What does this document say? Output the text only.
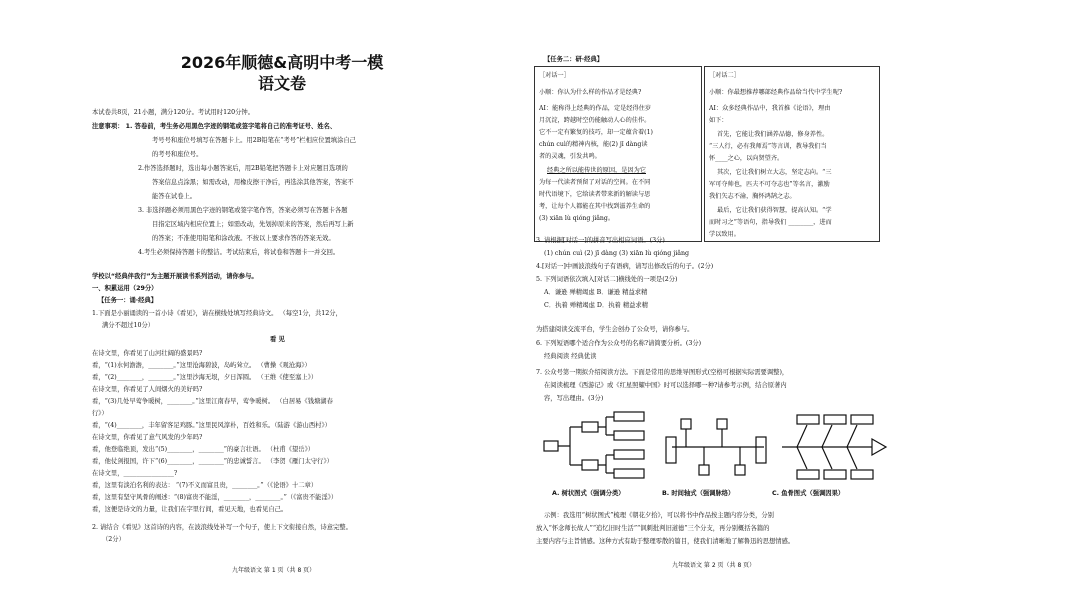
2026年顺德&高明中考一模
语文卷
本试卷共8页，21小题，满分120分。考试用时120分钟。
注意事项： 1. 答卷前，考生务必用黑色字迹的钢笔或签字笔将自己的准考证号、姓名、
考号号和座位号填写在答题卡上。用2B铅笔在“考号”栏相应位置填涂自己
的考号和座位号。
2.作答选择题时，选出每小题答案后，用2B铅笔把答题卡上对应题目选项的
答案信息点涂黑；如需改动，用橡皮擦干净后，再选涂其他答案，答案不
能答在试卷上。
3. 非选择题必须用黑色字迹的钢笔或签字笔作答，答案必须写在答题卡各题
目指定区域内相应位置上；如需改动，先划掉原来的答案，然后再写上新
的答案；不准使用铅笔和涂改液。不按以上要求作答的答案无效。
4.考生必须保持答题卡的整洁。考试结束后，将试卷和答题卡一并交回。
学校以“经典伴我行”为主题开展读书系列活动，请你参与。
一、积累运用（29分）
【任务一：诵·经典】
1.下面是小丽诵读的一首小诗《看见》，请在横线处填写经典诗文。 （每空1分，共12分，
满分不超过10分）
看 见
在诗文里，你看见了山河壮阔的盛景吗?
看，“(1)水何澹澹，________。”这里沧海碧波，岛屿耸立。 （曹操《观沧海》）
看，“(2)________，________。”这里沙海无垠，夕日浑圆。 （王维《使至塞上》）
在诗文里，你看见了人间烟火的美好吗?
看，“(3)几处早莺争暖树，________。”这里江南春早，莺争暖树。 （白居易《钱塘湖春
行》）
看，“(4)________，丰年留客足鸡豚。”这里民风淳朴，百姓和乐。（陆游《游山西村》）
在诗文里，你看见了意气风发的少年吗?
看，他登临绝顶，发出“(5)________，________”的豪言壮语。 （杜甫《望岳》）
看，他仗剑报国，许下“(6)________，________”的忠诚誓言。 （李贺《雁门太守行》）
在诗文里，________________?
看，这里有淡泊名利的表达： “(7)不义而富且贵，________。”（《论语》十二章）
看，这里有坚守风骨的阐述：“(8)富贵不能淫，________，________。”（《富贵不能淫》）
看，这便是诗文的力量，让我们在字里行间，看见天地，也看见自己。
2. 请结合《看见》这首诗的内容，在波浪线处补写一个句子，使上下文衔接自然，诗意完整。
（2分）
九年级语文 第 1 页（共 8 页）
【任务二：研·经典】
［对话一］
小顺：你认为什么样的作品才是经典?
AI：能称得上经典的作品，定是经得住岁
月沉淀，跨越时空仍能触动人心的佳作。
它不一定有繁复的技巧，却一定蕴含着(1)
chún cuì的精神内核，能(2) jī dàng读
者的灵魂，引发共鸣。
经典之所以能传世的原因，是因为它
为每一代读者预留了对话的空间。在不同
时代语境下，它给读者带来新的解读与思
考，让每个人都能在其中找到滋养生命的
(3) xiān lù qióng jiǎng。
［对话二］
小顺：你最想推荐哪部经典作品给当代中学生呢?
AI：众多经典作品中，我首推《论语》，理由
如下：
首先，它能让我们涵养品德，修身养性。
“三人行，必有我师焉”等言训，教导我们当
怀____之心，以向贤望齐。
其次，它让我们树立大志，坚定志向。“三
军可夺帅也，匹夫不可夺志也”等名言，激励
我们矢志不渝，胸怀鸿鹄之志。
最后，它让我们获得智慧，提高认知。“学
而时习之”等语句，指导我们 ________，进而
学以致用。
3. 请根据[对话一]的拼音写出相应词语。(3分)
(1) chún cuì (2) jī dàng (3) xiān lù qióng jiǎng
4.[对话一]中画波浪线句子有语病，请写出修改后的句子。(2分)
5. 下列词语依次填入[对话二]横线处的一项是(2分)
A．谦逊 殚精竭虑 B．谦逊 精益求精
C．执着 殚精竭虑 D．执着 精益求精
为搭建阅读交流平台，学生会创办了公众号，请你参与。
6. 下列短语哪个适合作为公众号的名称?请简要分析。(3分)
经典阅读 经典优读
7. 公众号第一期拟介绍阅读方法。下面是常用的思维导图形式(空格可根据实际需要调整)，
在阅读梳理《西游记》或《红星照耀中国》时可以选择哪一种?请参考示例，结合原著内
容，写出理由。(3分)
A. 树状图式（强调分类）	B. 时间轴式（强调脉络）	C. 鱼骨图式（强调因果）
示例：我选用“树状图式”梳理《朝花夕拾》，可以将书中作品按主题内容分类，分别
放入“怀念师长故人”“追忆旧时生活”“讽刺批判旧道德”三个分支，再分别概括各篇的
主要内容与主旨情感。这种方式有助于整理零散的篇目，使我们清晰地了解鲁迅的思想情感。
九年级语文 第 2 页（共 8 页）
